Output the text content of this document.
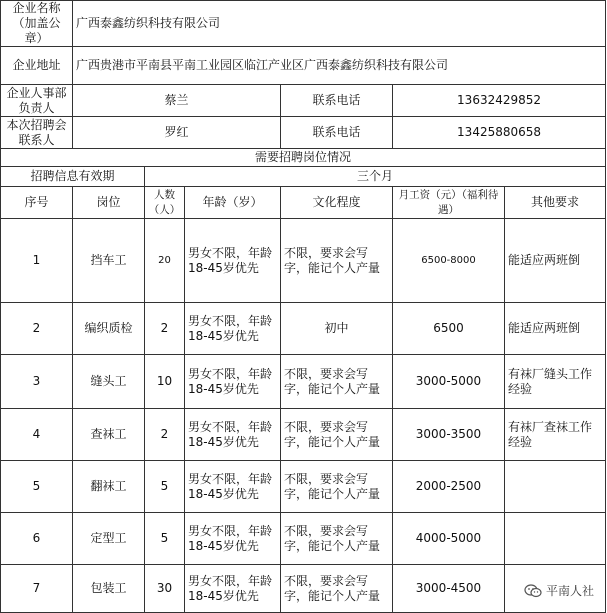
企业名称（加盖公章）	广西泰鑫纺织科技有限公司					
企业地址	广西贵港市平南县平南工业园区临江产业区广西泰鑫纺织科技有限公司					
企业人事部负责人	蔡兰			联系电话	13632429852	
本次招聘会联系人	罗红			联系电话	13425880658	
需要招聘岗位情况						
招聘信息有效期		三个月				
序号	岗位	人数（人）	年龄（岁）	文化程度	月工资（元）（福利待遇）	其他要求
1	挡车工	20	男女不限，年龄18-45岁优先	不限，要求会写字，能记个人产量	6500-8000	能适应两班倒
2	编织质检	2	男女不限，年龄18-45岁优先	初中	6500	能适应两班倒
3	缝头工	10	男女不限，年龄18-45岁优先	不限，要求会写字，能记个人产量	3000-5000	有袜厂缝头工作经验
4	查袜工	2	男女不限，年龄18-45岁优先	不限，要求会写字，能记个人产量	3000-3500	有袜厂查袜工作经验
5	翻袜工	5	男女不限，年龄18-45岁优先	不限，要求会写字，能记个人产量	2000-2500	
6	定型工	5	男女不限，年龄18-45岁优先	不限，要求会写字，能记个人产量	4000-5000	
7	包装工	30	男女不限，年龄18-45岁优先	不限，要求会写字，能记个人产量	3000-4500		平南人社
